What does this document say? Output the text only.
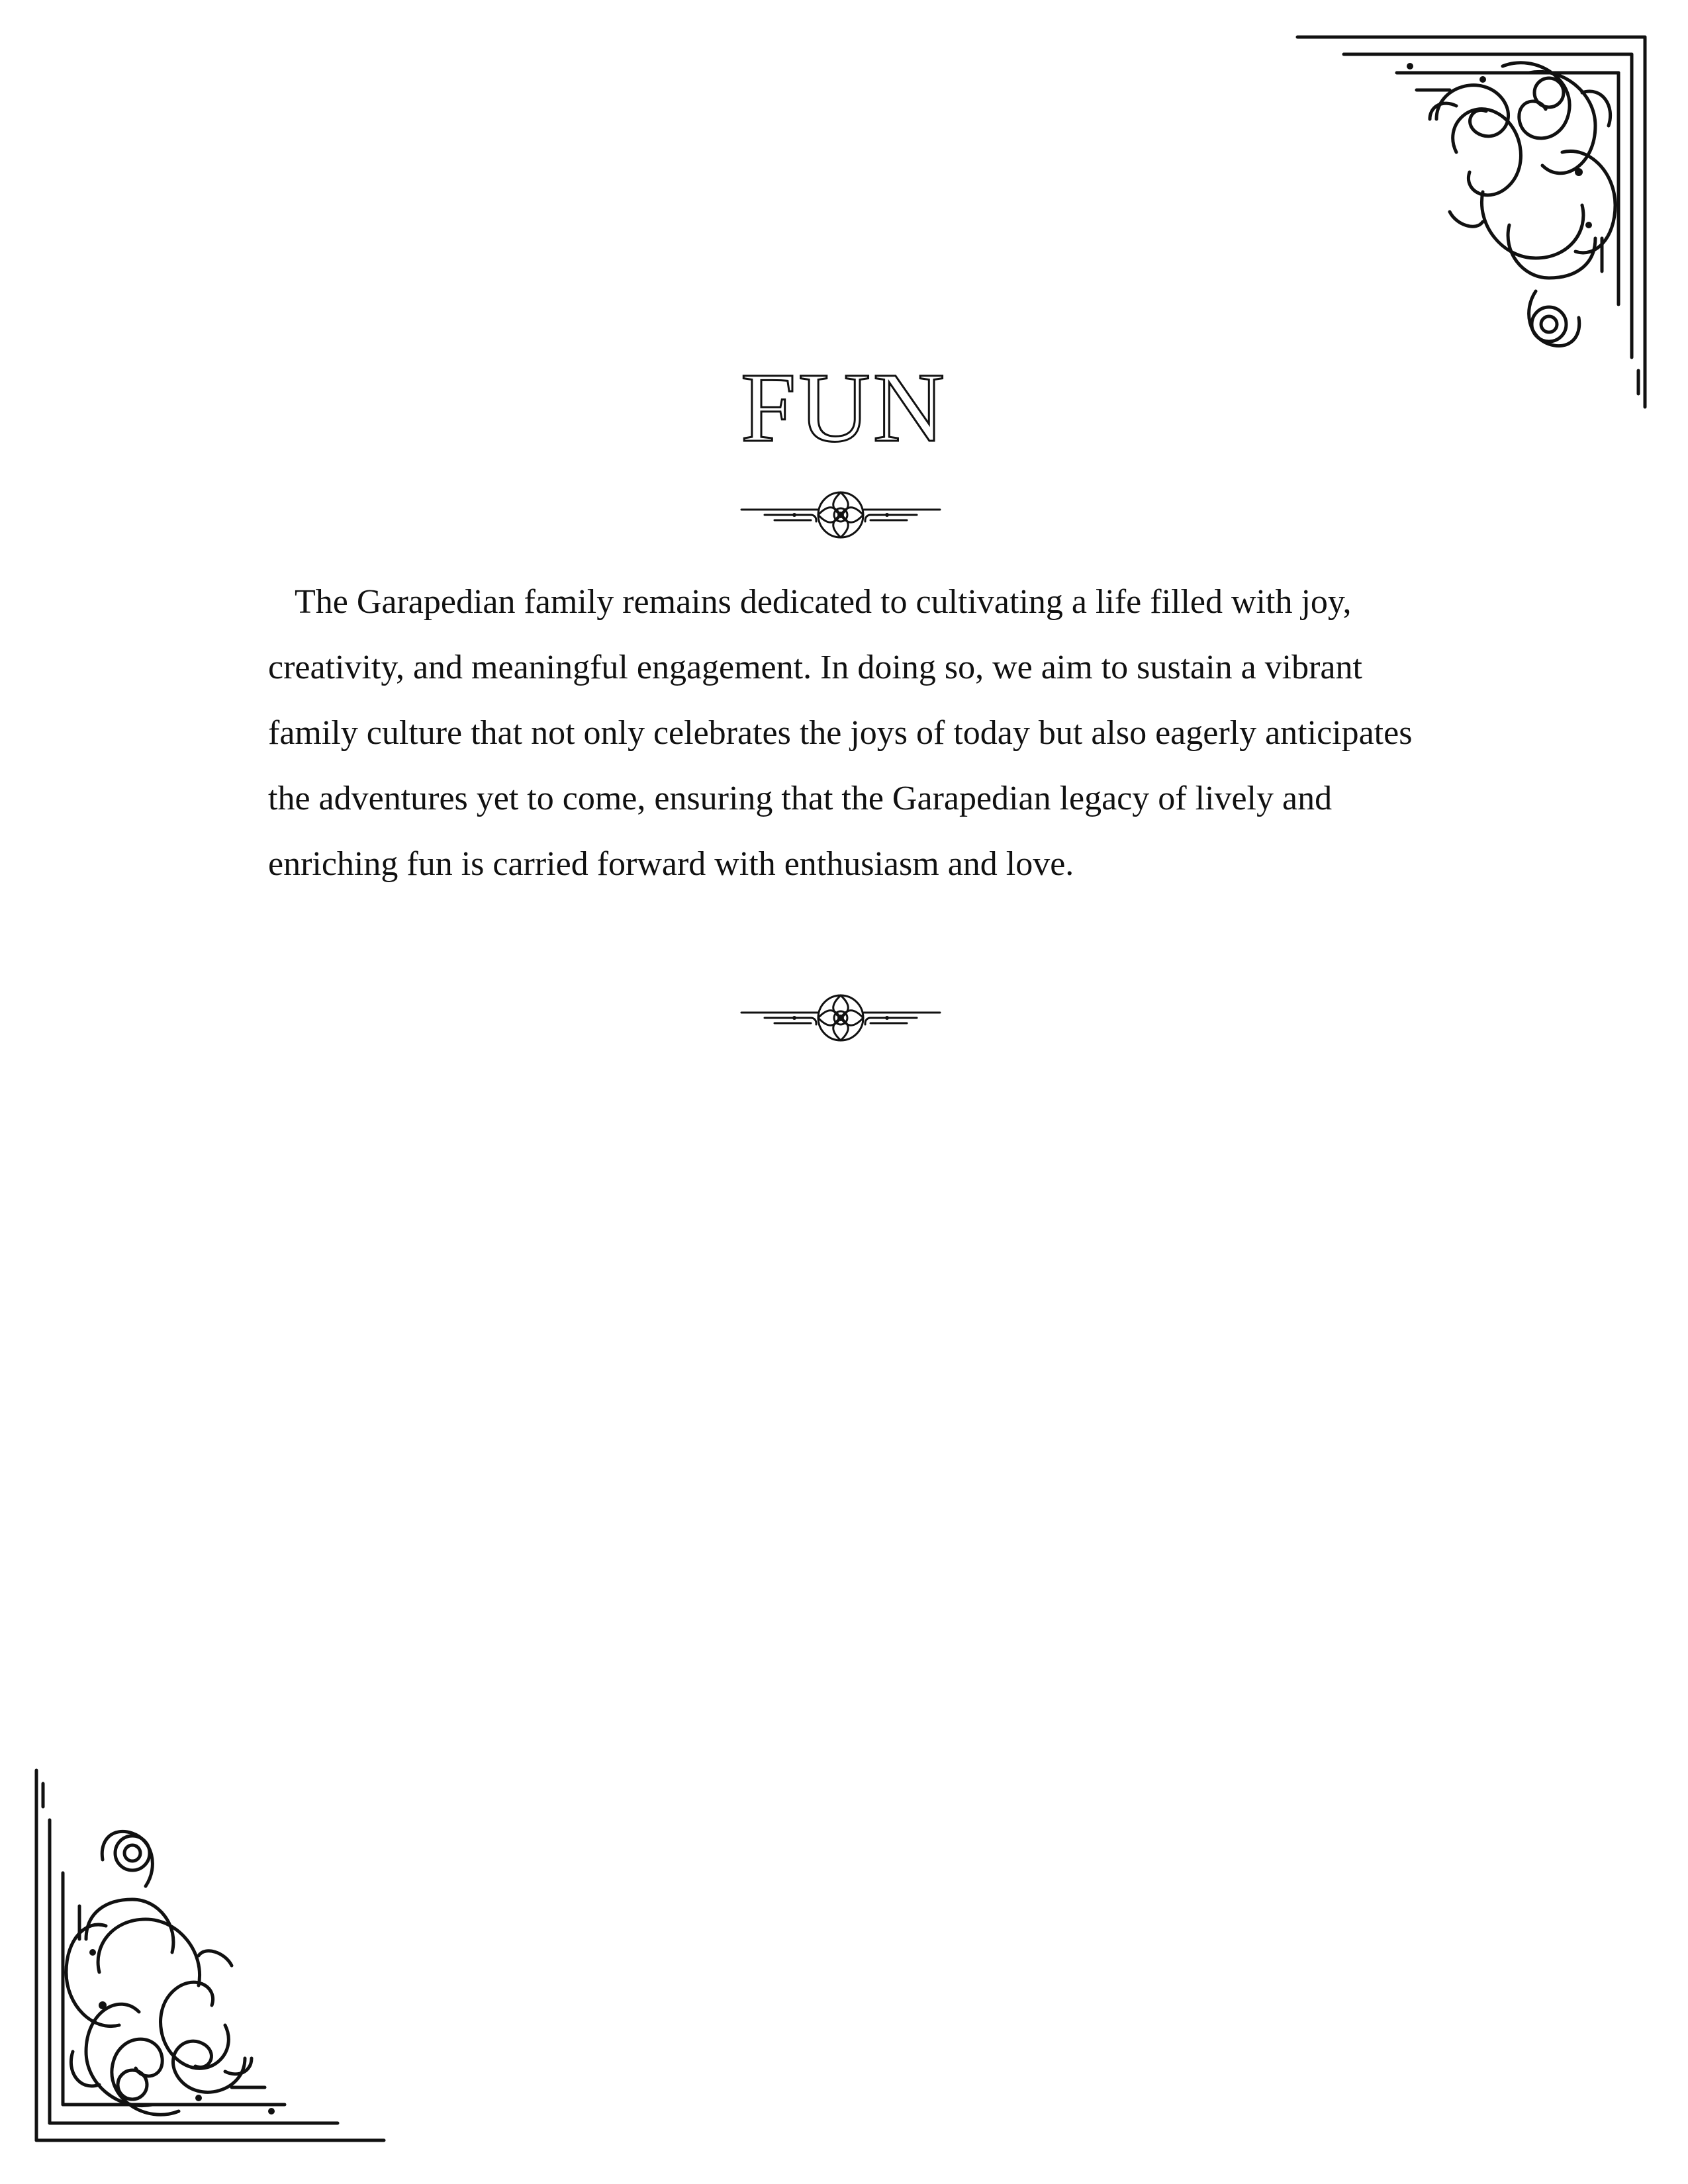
FUN

The Garapedian family remains dedicated to cultivating a life filled with joy, creativity, and meaningful engagement. In doing so, we aim to sustain a vibrant family culture that not only celebrates the joys of today but also eagerly anticipates the adventures yet to come, ensuring that the Garapedian legacy of lively and enriching fun is carried forward with enthusiasm and love.
